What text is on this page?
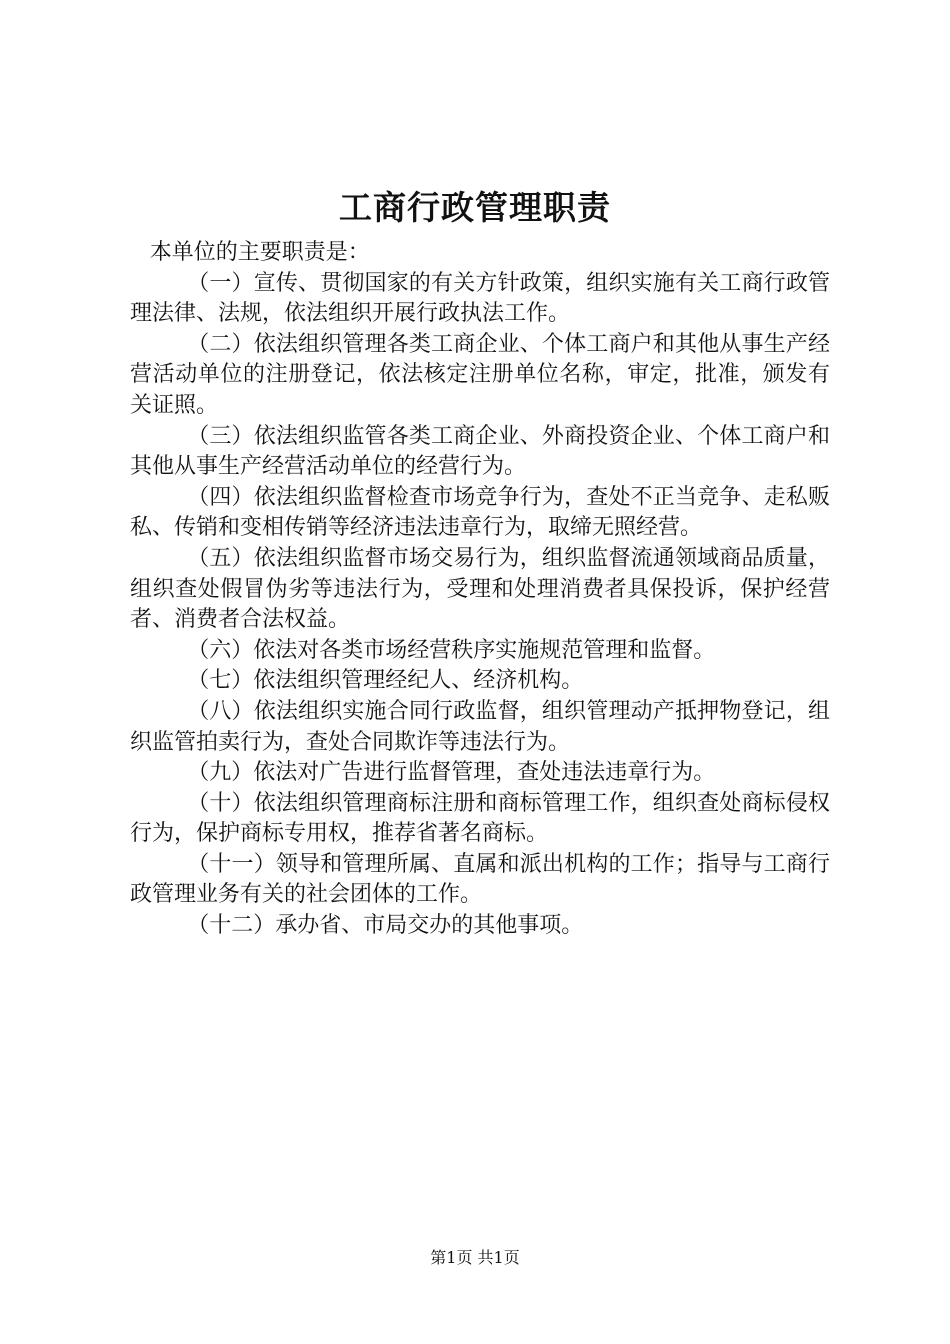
工商行政管理职责

本单位的主要职责是：

（一）宣传、贯彻国家的有关方针政策，组织实施有关工商行政管理法律、法规，依法组织开展行政执法工作。

（二）依法组织管理各类工商企业、个体工商户和其他从事生产经营活动单位的注册登记，依法核定注册单位名称，审定，批准，颁发有关证照。

（三）依法组织监管各类工商企业、外商投资企业、个体工商户和其他从事生产经营活动单位的经营行为。

（四）依法组织监督检查市场竞争行为，查处不正当竞争、走私贩私、传销和变相传销等经济违法违章行为，取缔无照经营。

（五）依法组织监督市场交易行为，组织监督流通领域商品质量，组织查处假冒伪劣等违法行为，受理和处理消费者具保投诉，保护经营者、消费者合法权益。

（六）依法对各类市场经营秩序实施规范管理和监督。

（七）依法组织管理经纪人、经济机构。

（八）依法组织实施合同行政监督，组织管理动产抵押物登记，组织监管拍卖行为，查处合同欺诈等违法行为。

（九）依法对广告进行监督管理，查处违法违章行为。

（十）依法组织管理商标注册和商标管理工作，组织查处商标侵权行为，保护商标专用权，推荐省著名商标。

（十一）领导和管理所属、直属和派出机构的工作；指导与工商行政管理业务有关的社会团体的工作。

（十二）承办省、市局交办的其他事项。

第1页 共1页
